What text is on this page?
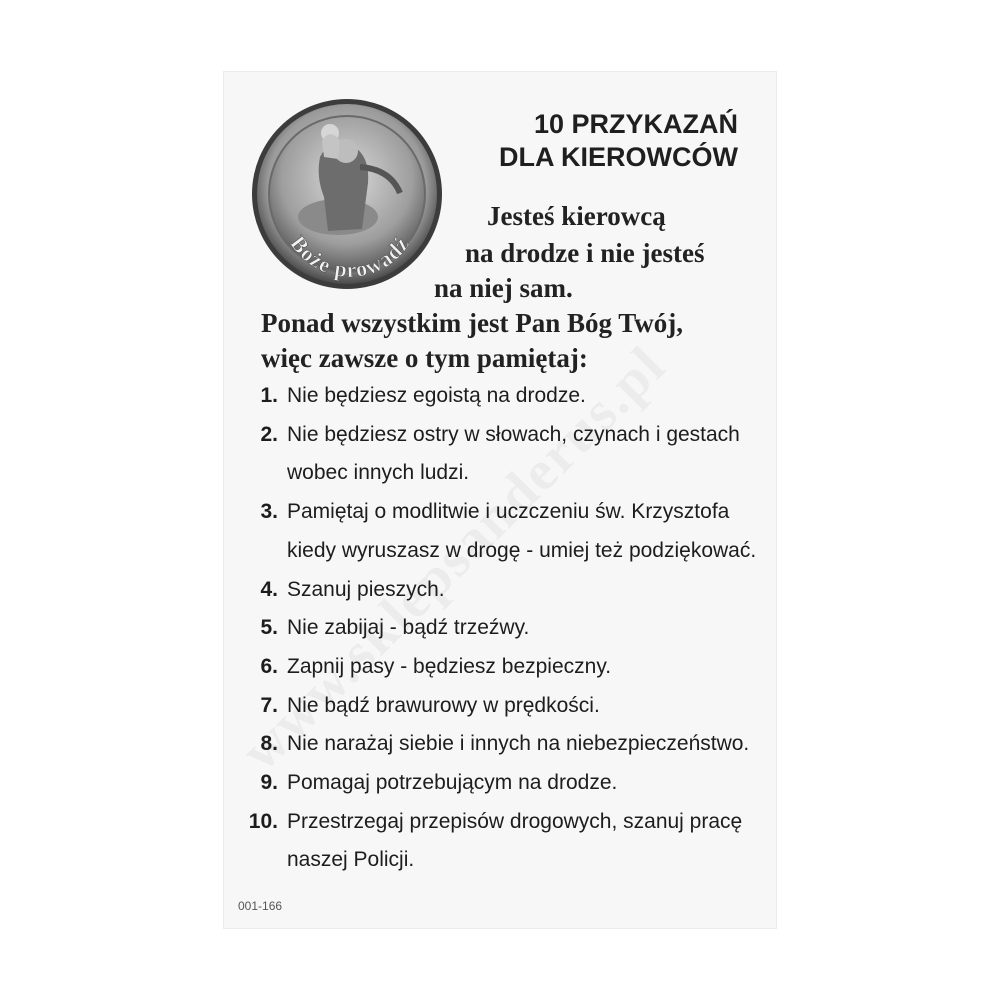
Boże prowadź
10 PRZYKAZAŃ
DLA KIEROWCÓW
Jesteś kierowcą
na drodze i nie jesteś
na niej sam.
Ponad wszystkim jest Pan Bóg Twój,
więc zawsze o tym pamiętaj:
1. Nie będziesz egoistą na drodze.
2. Nie będziesz ostry w słowach, czynach i gestach
wobec innych ludzi.
3. Pamiętaj o modlitwie i uczczeniu św. Krzysztofa
kiedy wyruszasz w drogę - umiej też podziękować.
4. Szanuj pieszych.
5. Nie zabijaj - bądź trzeźwy.
6. Zapnij pasy - będziesz bezpieczny.
7. Nie bądź brawurowy w prędkości.
8. Nie narażaj siebie i innych na niebezpieczeństwo.
9. Pomagaj potrzebującym na drodze.
10. Przestrzegaj przepisów drogowych, szanuj pracę
naszej Policji.
001-166
